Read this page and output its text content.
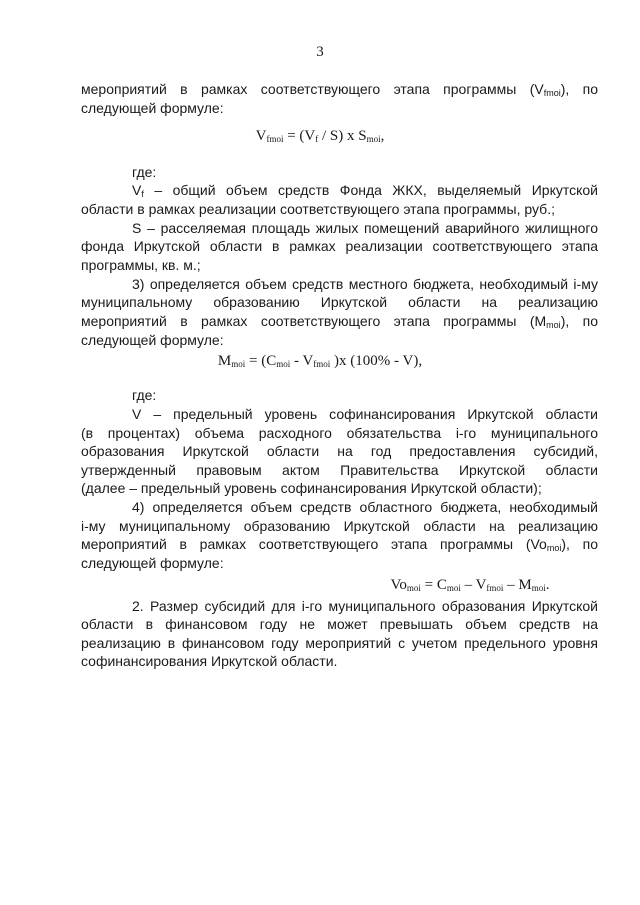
3
мероприятий в рамках соответствующего этапа программы $(V_{fmoi})$, по
следующей формуле:
$V_{fmoi} = (V_f / S)$ x $S_{moi}$,
где:
$V_f$ – общий объем средств Фонда ЖКХ, выделяемый Иркутской
области в рамках реализации соответствующего этапа программы, руб.;
S – расселяемая площадь жилых помещений аварийного жилищного
фонда Иркутской области в рамках реализации соответствующего этапа
программы, кв. м.;
3) определяется объем средств местного бюджета, необходимый i-му
муниципальному образованию Иркутской области на реализацию
мероприятий в рамках соответствующего этапа программы $(M_{moi})$, по
следующей формуле:
$M_{moi} = (C_{moi} - V_{fmoi}$ )x (100% - V),
где:
V – предельный уровень софинансирования Иркутской области
(в процентах) объема расходного обязательства i-го муниципального
образования Иркутской области на год предоставления субсидий,
утвержденный правовым актом Правительства Иркутской области
(далее – предельный уровень софинансирования Иркутской области);
4) определяется объем средств областного бюджета, необходимый
i-му муниципальному образованию Иркутской области на реализацию
мероприятий в рамках соответствующего этапа программы $(Vo_{moi})$, по
следующей формуле:
$Vo_{moi} = C_{moi} - V_{fmoi} - M_{moi}$.
2. Размер субсидий для i-го муниципального образования Иркутской
области в финансовом году не может превышать объем средств на
реализацию в финансовом году мероприятий с учетом предельного уровня
софинансирования Иркутской области.
